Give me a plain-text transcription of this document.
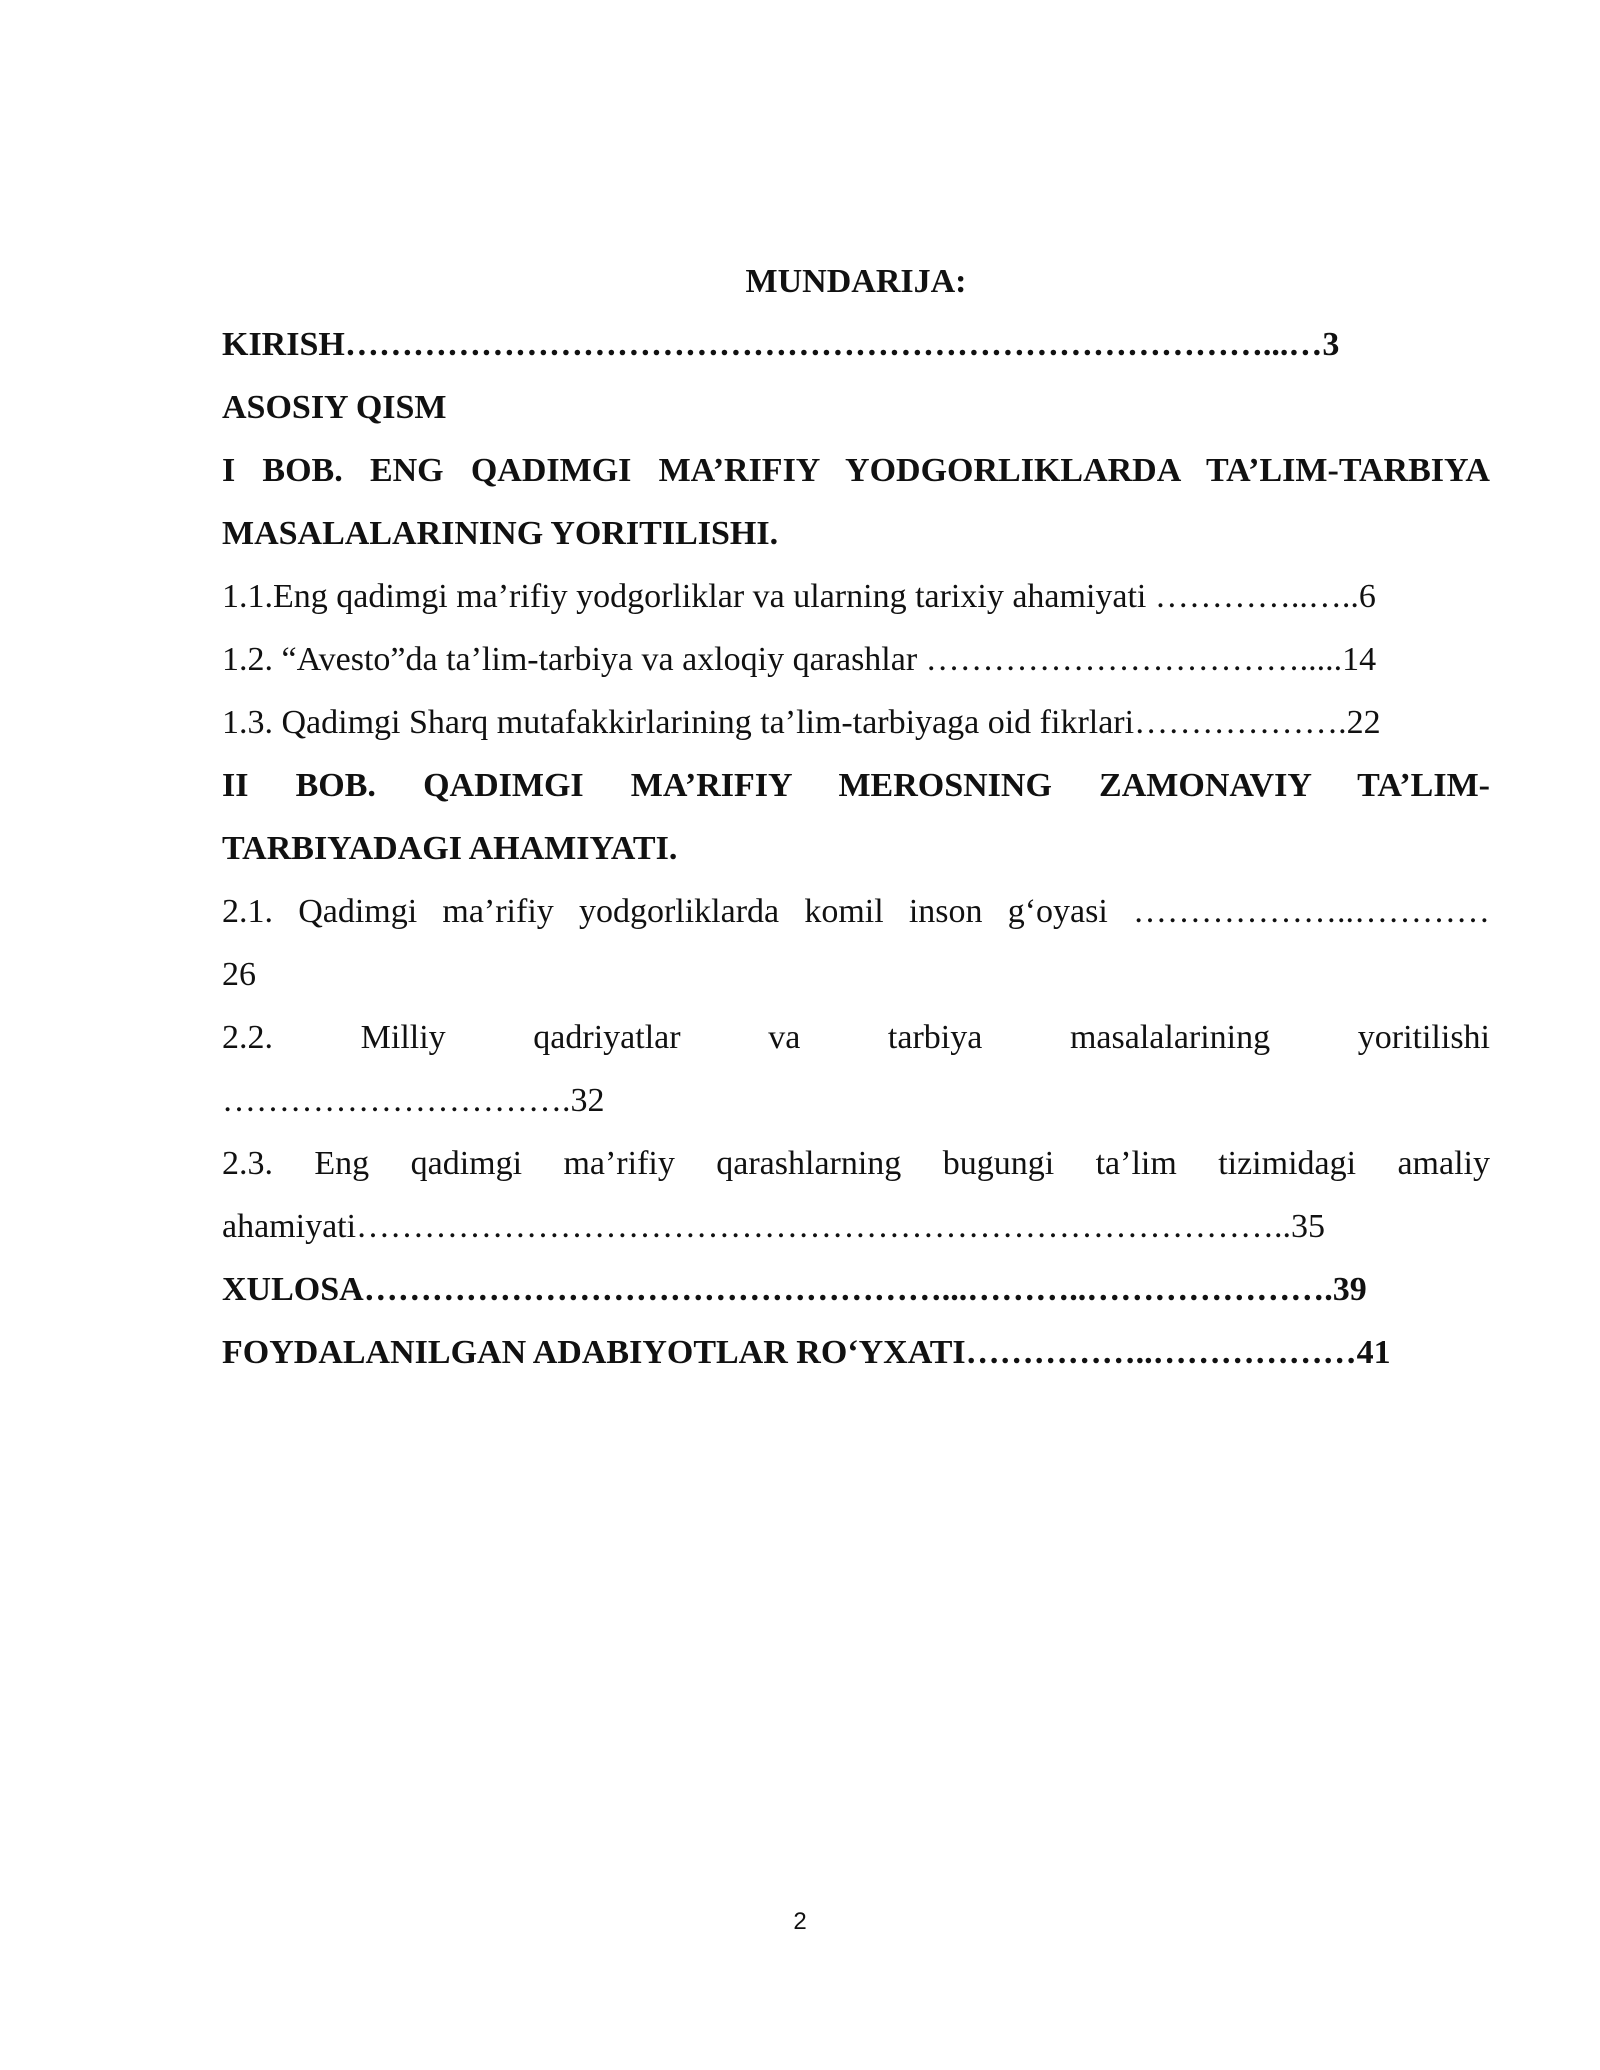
MUNDARIJA:
KIRISH………………………………………………………………………...…3
ASOSIY QISM
I BOB. ENG QADIMGI MA’RIFIY YODGORLIKLARDA TA’LIM-TARBIYA
MASALALARINING YORITILISHI.
1.1.Eng qadimgi ma’rifiy yodgorliklar va ularning tarixiy ahamiyati …………..…..6
1.2. “Avesto”da ta’lim-tarbiya va axloqiy qarashlar …………………………….....14
1.3. Qadimgi Sharq mutafakkirlarining ta’lim-tarbiyaga oid fikrlari……………….22
II BOB. QADIMGI MA’RIFIY MEROSNING ZAMONAVIY TA’LIM-
TARBIYADAGI AHAMIYATI.
2.1. Qadimgi ma’rifiy yodgorliklarda komil inson g‘oyasi ………………..…………
26
2.2. Milliy qadriyatlar va tarbiya masalalarining yoritilishi
………………………….32
2.3. Eng qadimgi ma’rifiy qarashlarning bugungi ta’lim tizimidagi amaliy
ahamiyati………………………………………………………………………..35
XULOSA……………………………………………...………..………………….39
FOYDALANILGAN ADABIYOTLAR RO‘YXATI……………..………………41
2
